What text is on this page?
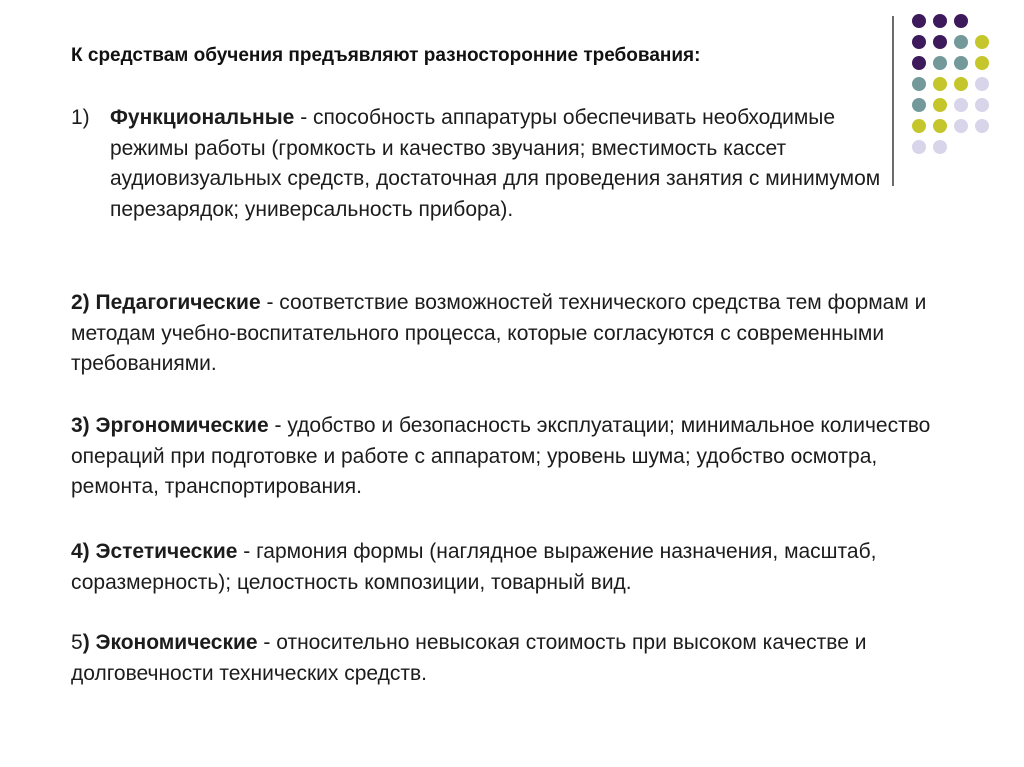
К средствам обучения предъявляют разносторонние требования:
1) Функциональные - способность аппаратуры обеспечивать необходимые режимы работы (громкость и качество звучания; вместимость кассет аудиовизуальных средств, достаточная для проведения занятия с минимумом перезарядок; универсальность прибора).
2) Педагогические - соответствие возможностей технического средства тем формам и методам учебно-воспитательного процесса, которые согласуются с современными требованиями.
3) Эргономические - удобство и безопасность эксплуатации; минимальное количество операций при подготовке и работе с аппаратом; уровень шума; удобство осмотра, ремонта, транспортирования.
4) Эстетические - гармония формы (наглядное выражение назначения, масштаб, соразмерность); целостность композиции, товарный вид.
5) Экономические - относительно невысокая стоимость при высоком качестве и долговечности технических средств.
